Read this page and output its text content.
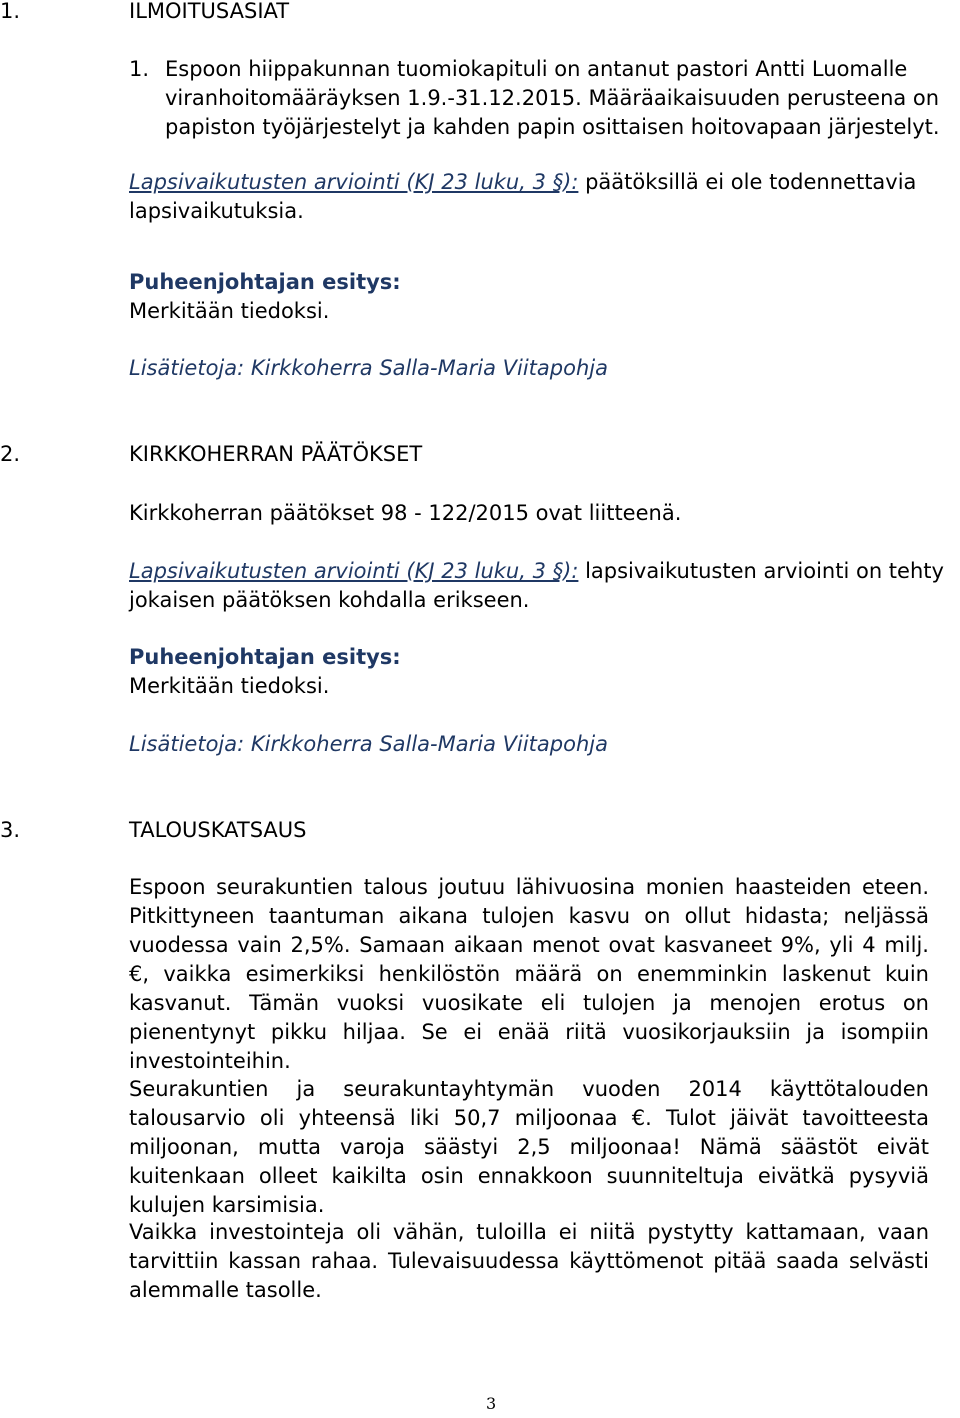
1.	ILMOITUSASIAT
1. Espoon hiippakunnan tuomiokapituli on antanut pastori Antti Luomalle
viranhoitomääräyksen 1.9.-31.12.2015. Määräaikaisuuden perusteena on
papiston työjärjestelyt ja kahden papin osittaisen hoitovapaan järjestelyt.
Lapsivaikutusten arviointi (KJ 23 luku, 3 §): päätöksillä ei ole todennettavia
lapsivaikutuksia.
Puheenjohtajan esitys:
Merkitään tiedoksi.
Lisätietoja: Kirkkoherra Salla-Maria Viitapohja
2.	KIRKKOHERRAN PÄÄTÖKSET
Kirkkoherran päätökset 98 - 122/2015 ovat liitteenä.
Lapsivaikutusten arviointi (KJ 23 luku, 3 §): lapsivaikutusten arviointi on tehty
jokaisen päätöksen kohdalla erikseen.
Puheenjohtajan esitys:
Merkitään tiedoksi.
Lisätietoja: Kirkkoherra Salla-Maria Viitapohja
3.	TALOUSKATSAUS
Espoon seurakuntien talous joutuu lähivuosina monien haasteiden eteen. Pitkittyneen taantuman aikana tulojen kasvu on ollut hidasta; neljässä vuodessa vain 2,5%. Samaan aikaan menot ovat kasvaneet 9%, yli 4 milj. €, vaikka esimerkiksi henkilöstön määrä on enemminkin laskenut kuin kasvanut. Tämän vuoksi vuosikate eli tulojen ja menojen erotus on pienentynyt pikku hiljaa. Se ei enää riitä vuosikorjauksiin ja isompiin investointeihin.
Seurakuntien ja seurakuntayhtymän vuoden 2014 käyttötalouden talousarvio oli yhteensä liki 50,7 miljoonaa €. Tulot jäivät tavoitteesta miljoonan, mutta varoja säästyi 2,5 miljoonaa! Nämä säästöt eivät kuitenkaan olleet kaikilta osin ennakkoon suunniteltuja eivätkä pysyviä kulujen karsimisia.
Vaikka investointeja oli vähän, tuloilla ei niitä pystytty kattamaan, vaan tarvittiin kassan rahaa. Tulevaisuudessa käyttömenot pitää saada selvästi alemmalle tasolle.
3
